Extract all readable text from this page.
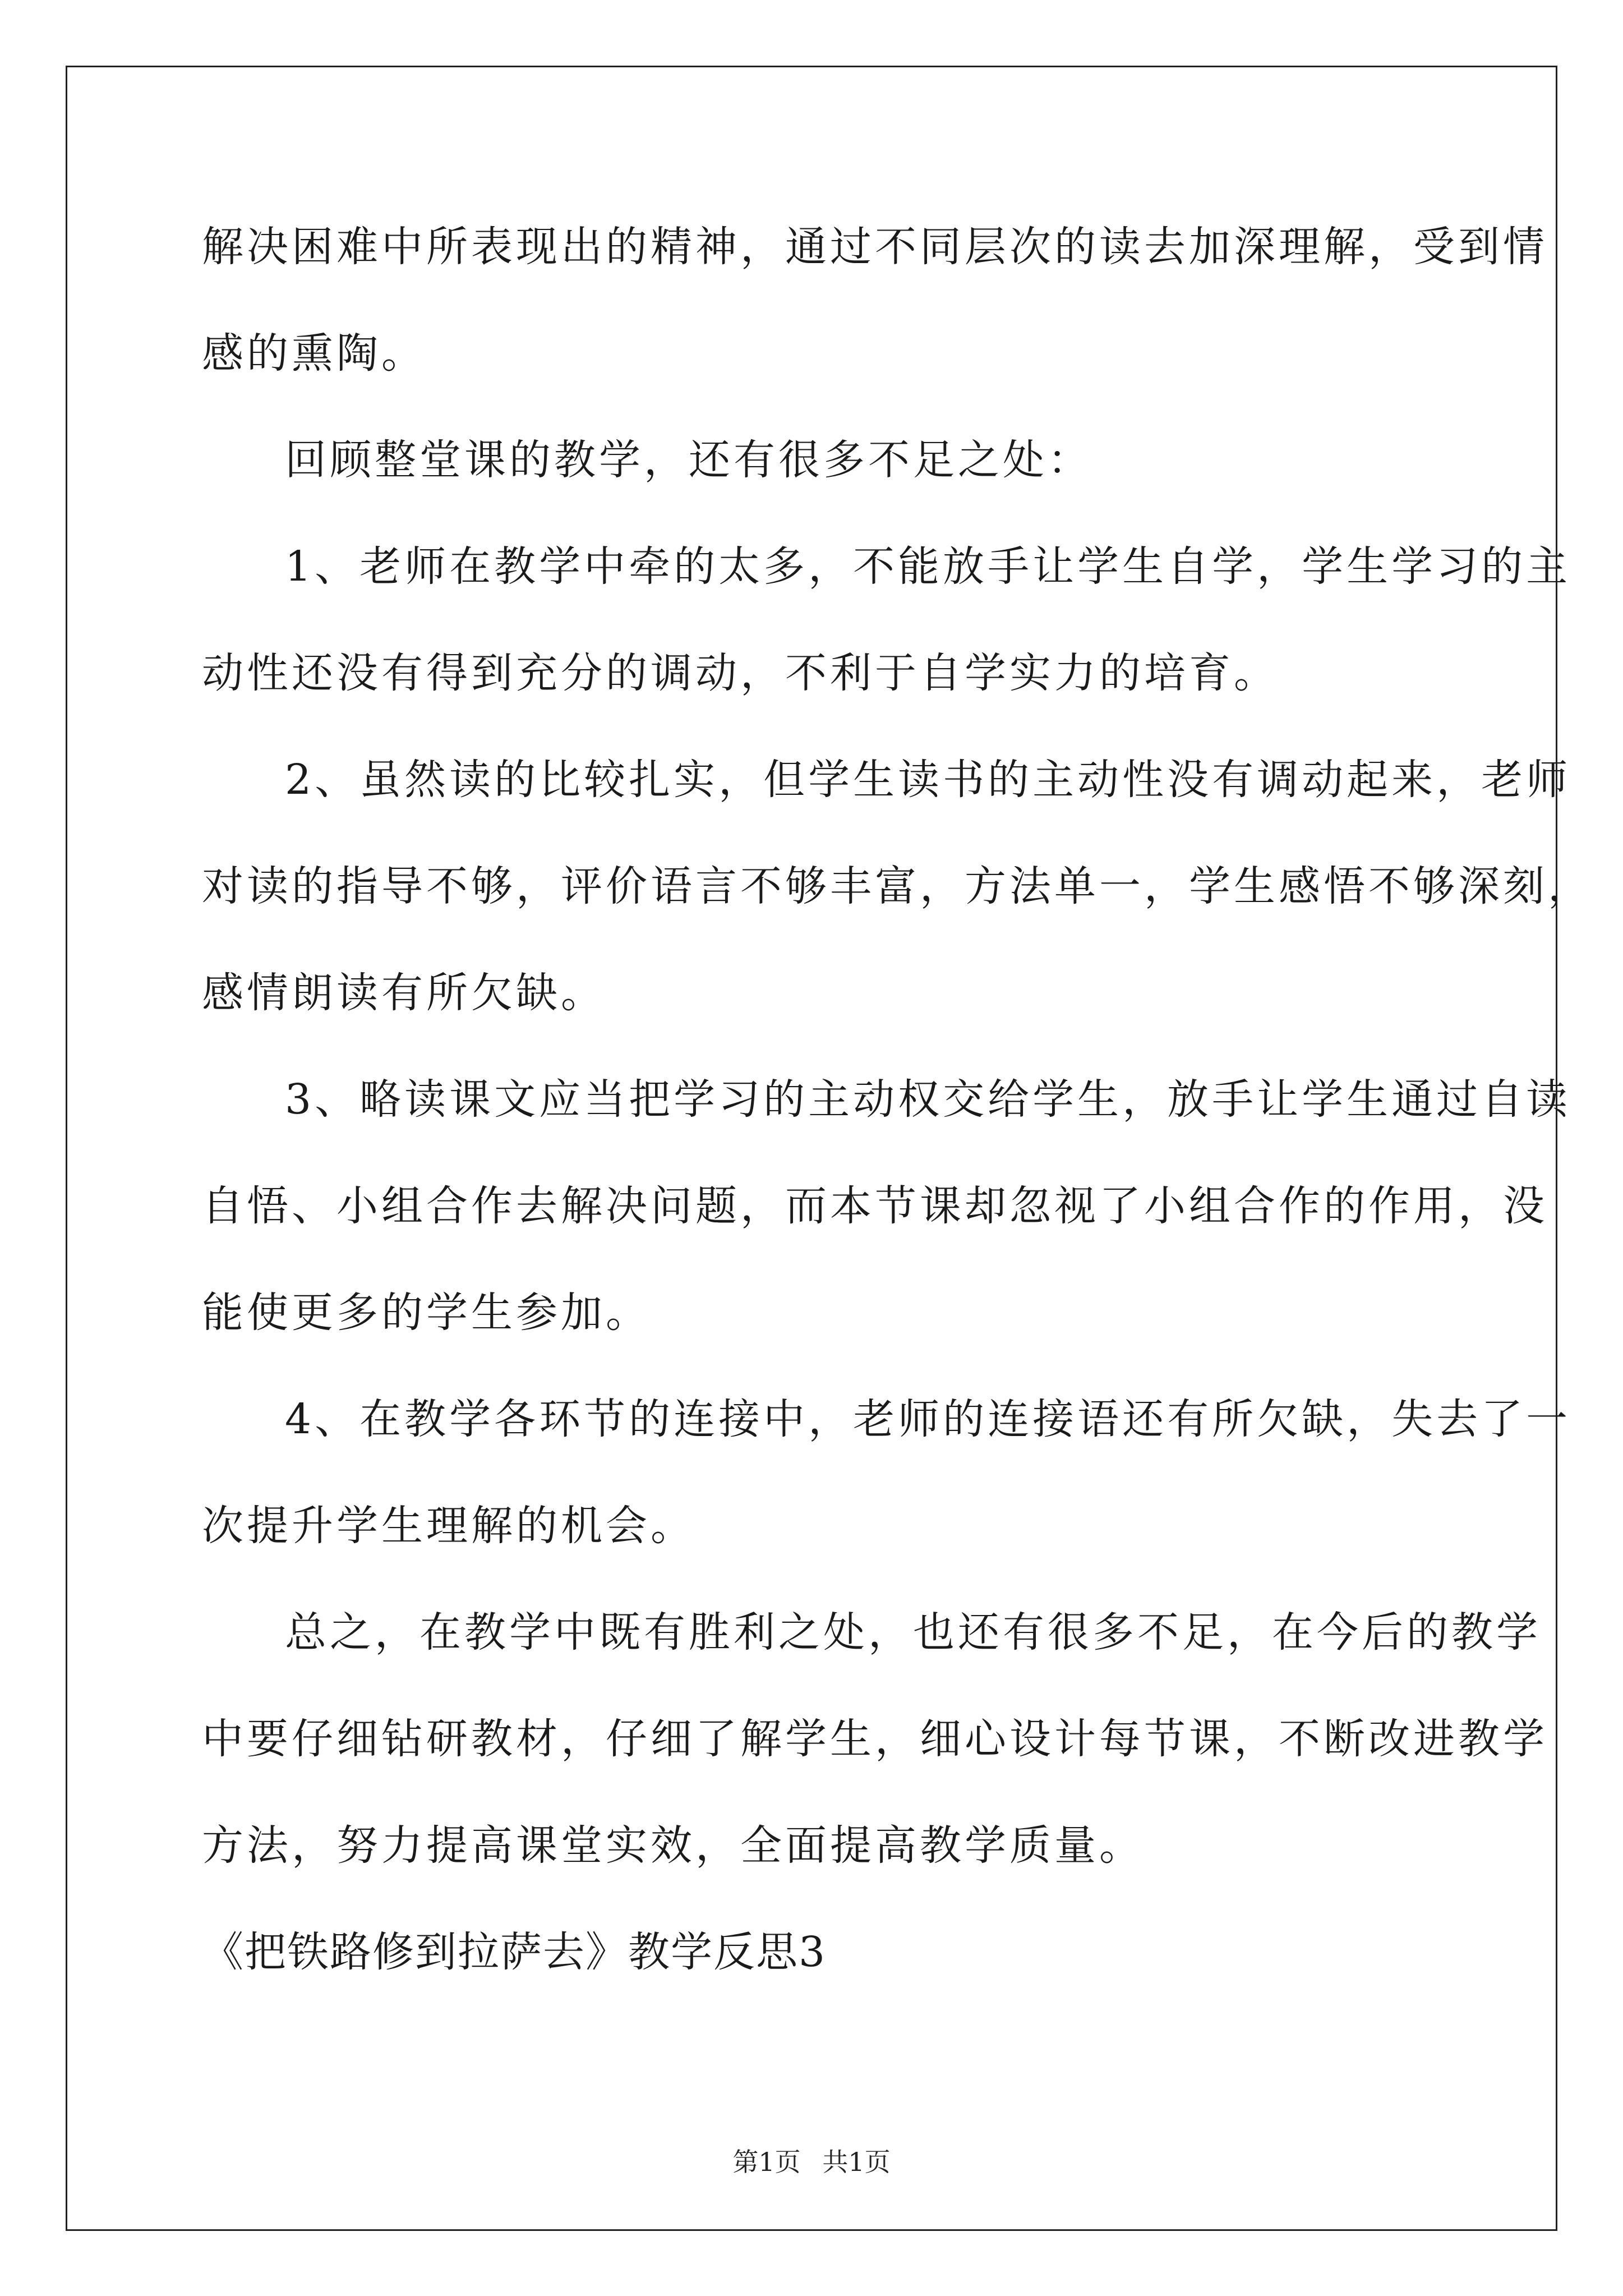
解决困难中所表现出的精神，通过不同层次的读去加深理解，受到情
感的熏陶。
回顾整堂课的教学，还有很多不足之处：
1、老师在教学中牵的太多，不能放手让学生自学，学生学习的主
动性还没有得到充分的调动，不利于自学实力的培育。
2、虽然读的比较扎实，但学生读书的主动性没有调动起来，老师
对读的指导不够，评价语言不够丰富，方法单一，学生感悟不够深刻，
感情朗读有所欠缺。
3、略读课文应当把学习的主动权交给学生，放手让学生通过自读
自悟、小组合作去解决问题，而本节课却忽视了小组合作的作用，没
能使更多的学生参加。
4、在教学各环节的连接中，老师的连接语还有所欠缺，失去了一
次提升学生理解的机会。
总之，在教学中既有胜利之处，也还有很多不足，在今后的教学
中要仔细钻研教材，仔细了解学生，细心设计每节课，不断改进教学
方法，努力提高课堂实效，全面提高教学质量。
《把铁路修到拉萨去》教学反思3
第1页 共1页
